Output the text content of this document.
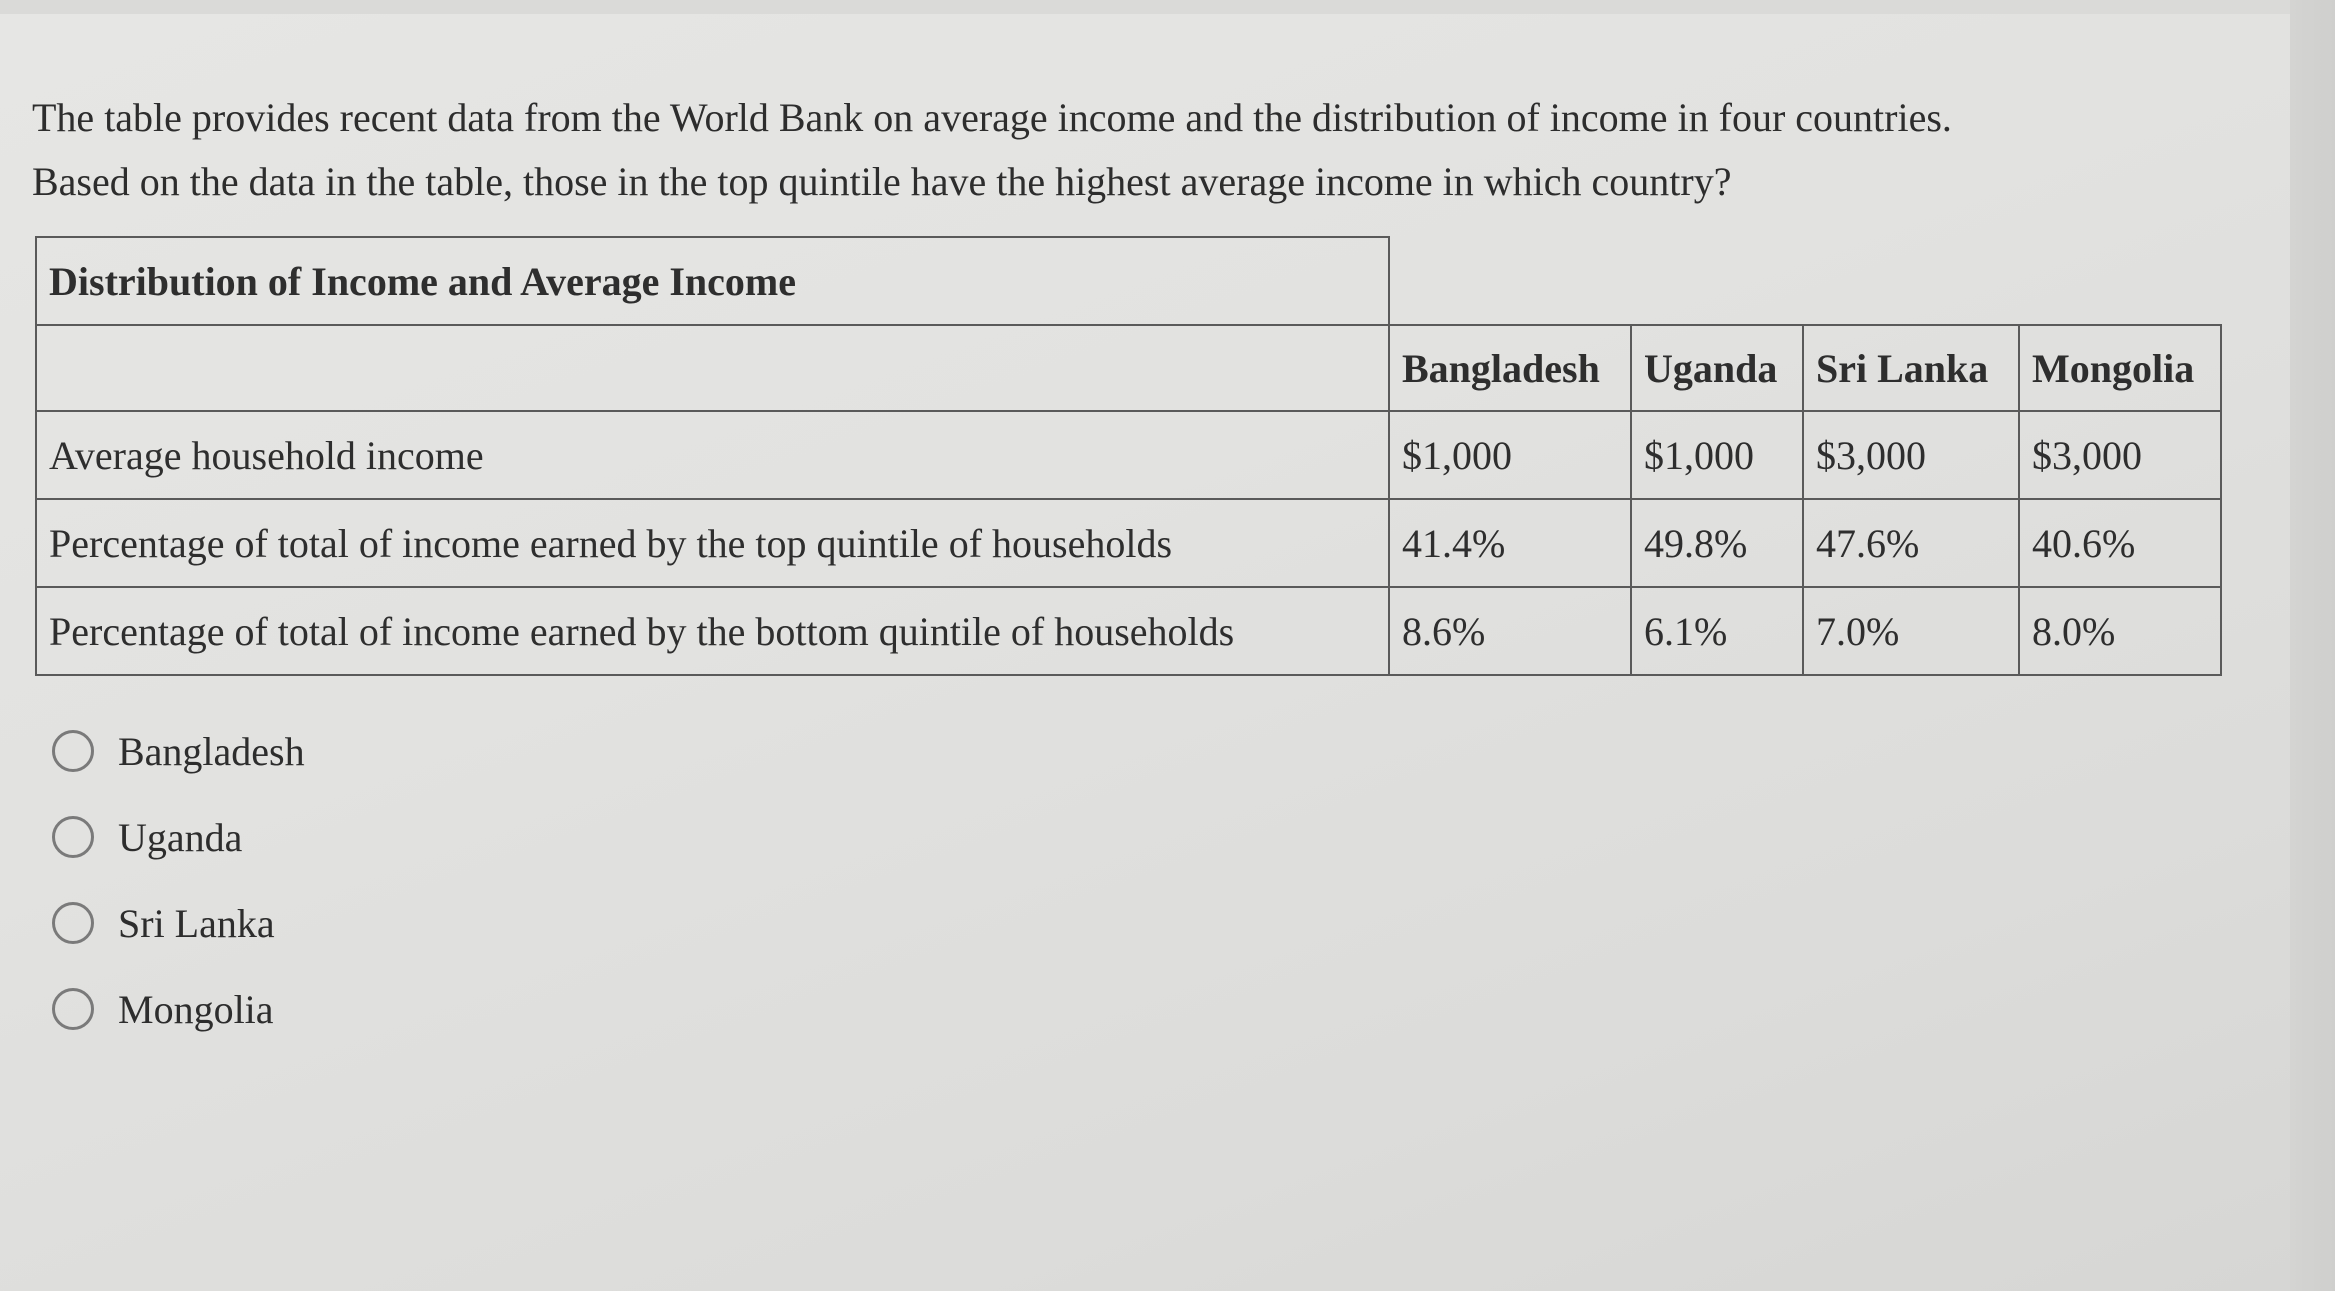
The table provides recent data from the World Bank on average income and the distribution of income in four countries.

Based on the data in the table, those in the top quintile have the highest average income in which country?

Distribution of Income and Average Income				
	Bangladesh	Uganda	Sri Lanka	Mongolia
Average household income	$1,000	$1,000	$3,000	$3,000
Percentage of total of income earned by the top quintile of households	41.4%	49.8%	47.6%	40.6%
Percentage of total of income earned by the bottom quintile of households	8.6%	6.1%	7.0%	8.0%
Bangladesh
Uganda
Sri Lanka
Mongolia
